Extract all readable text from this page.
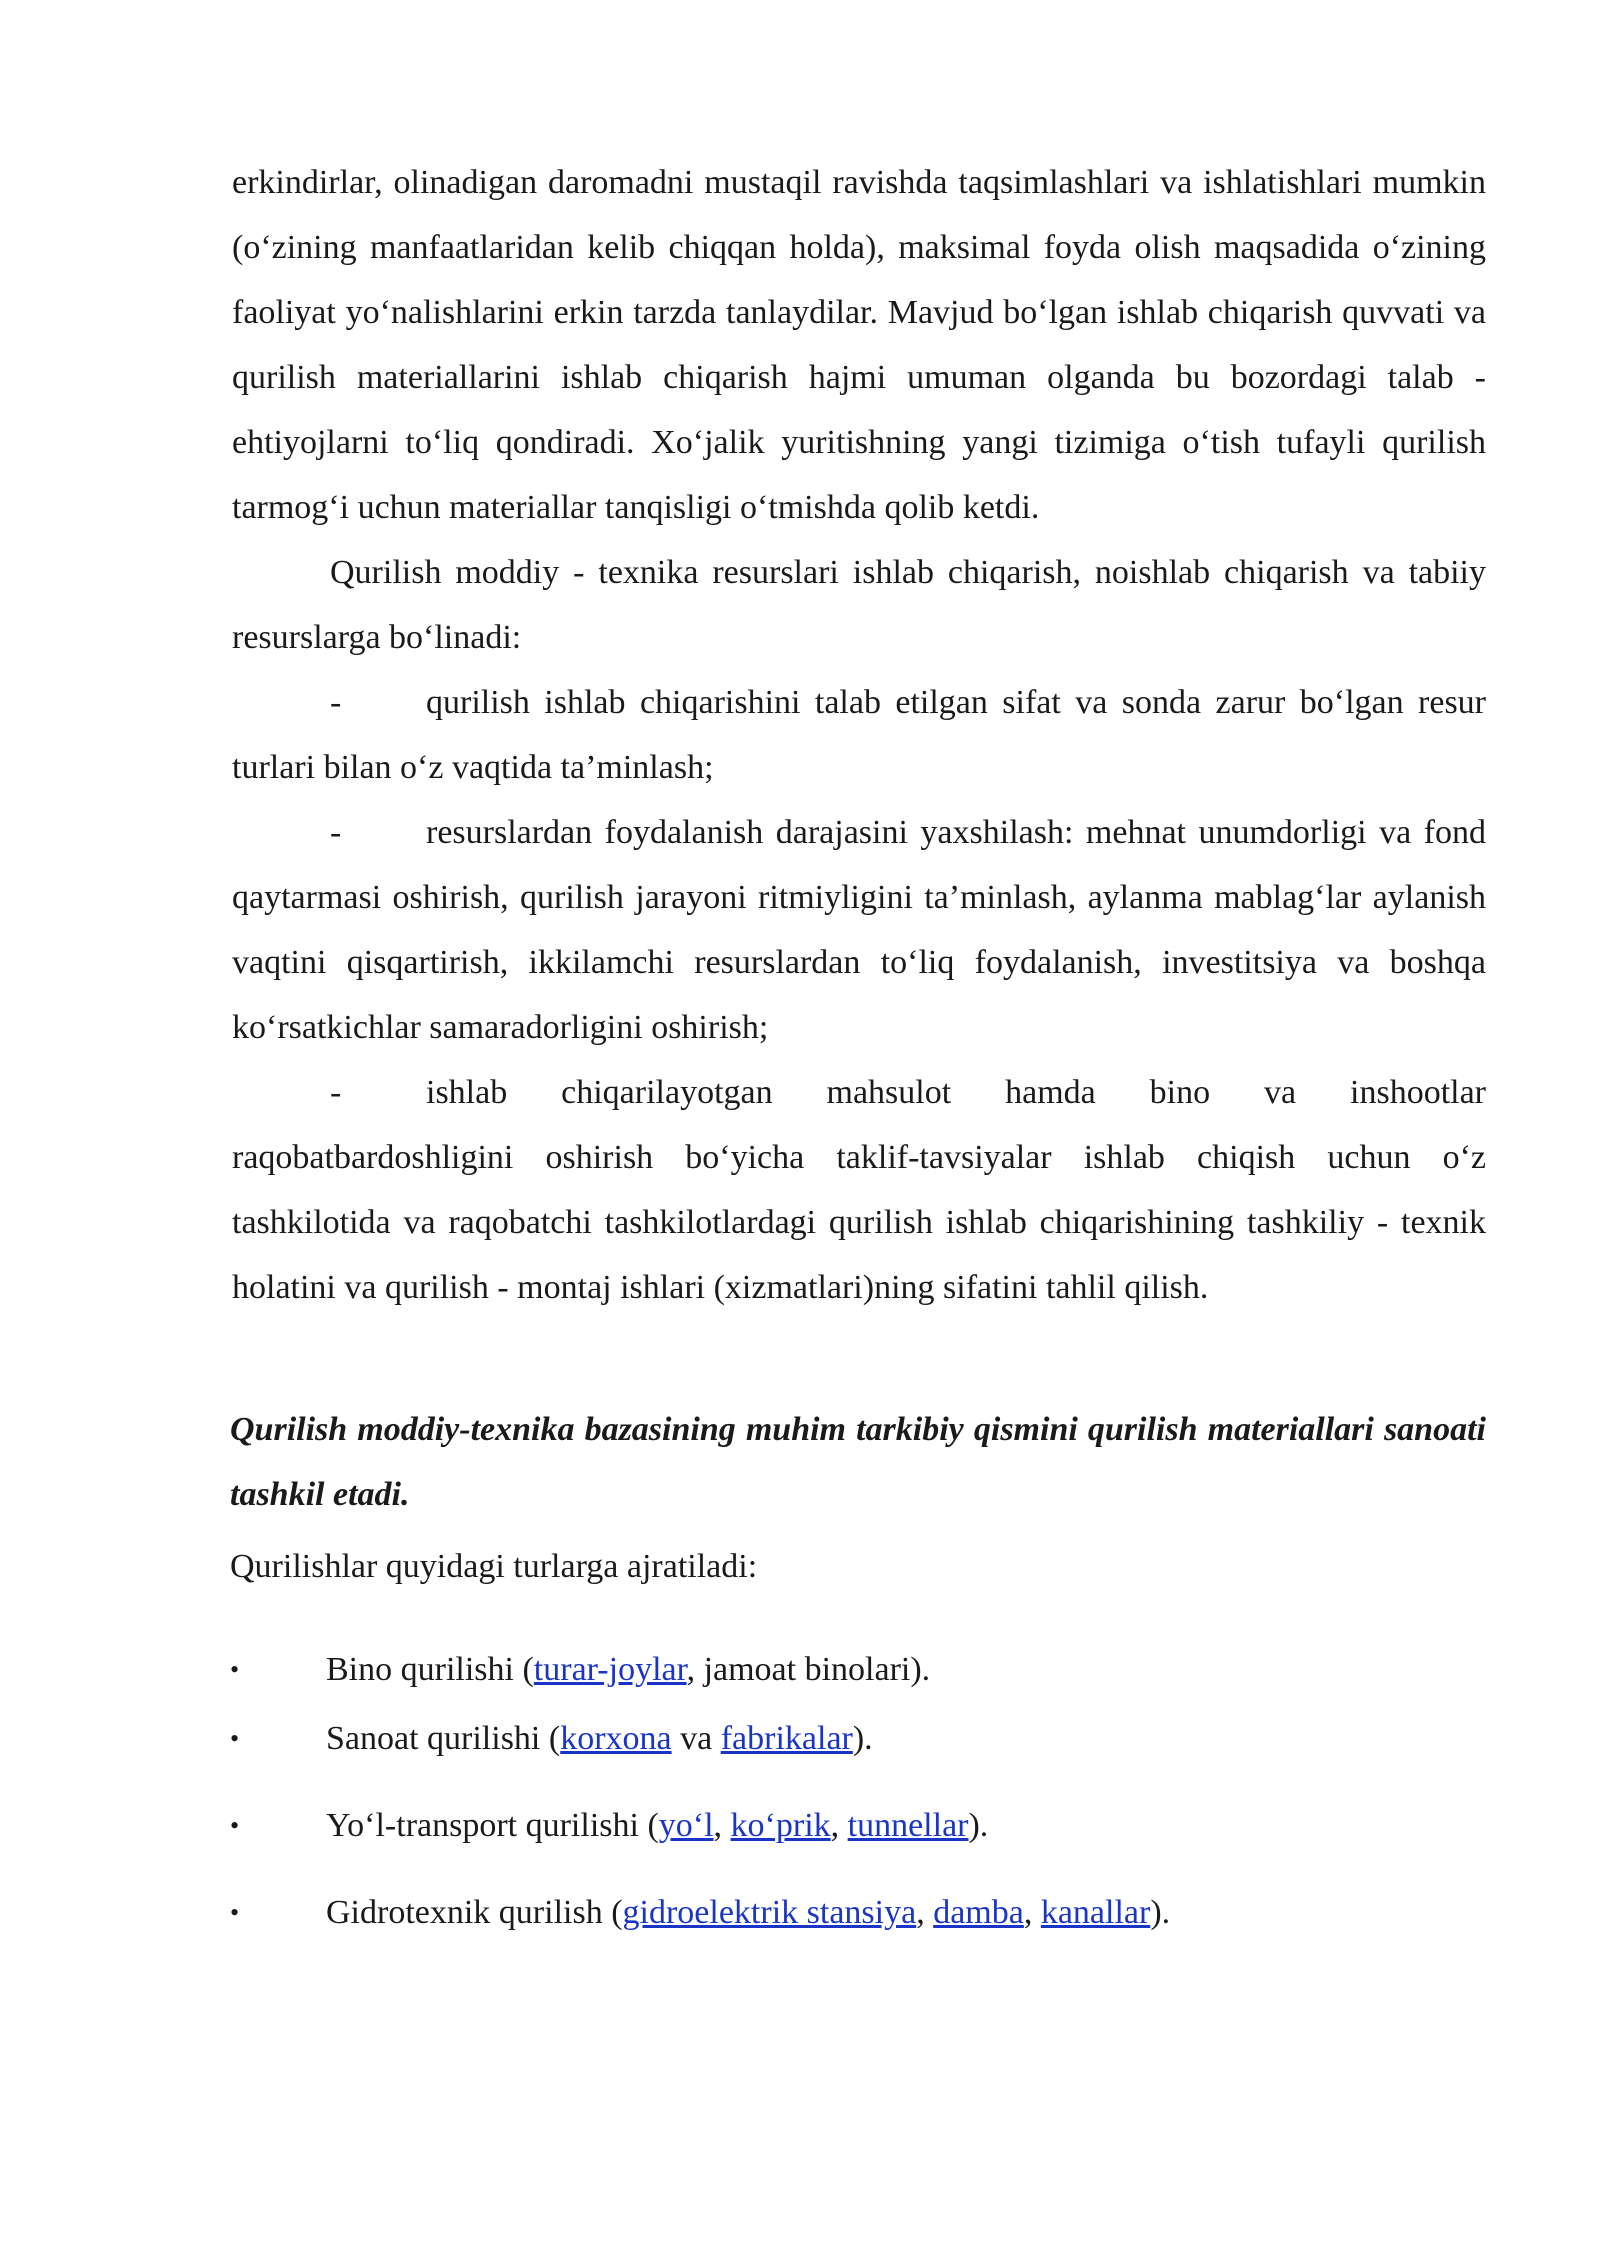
erkindirlar, olinadigan daromadni mustaqil ravishda taqsimlashlari va ishlatishlari mumkin (o‘zining manfaatlaridan kelib chiqqan holda), maksimal foyda olish maqsadida o‘zining faoliyat yo‘nalishlarini erkin tarzda tanlaydilar. Mavjud bo‘lgan ishlab chiqarish quvvati va qurilish materiallarini ishlab chiqarish hajmi umuman olganda bu bozordagi talab - ehtiyojlarni to‘liq qondiradi. Xo‘jalik yuritishning yangi tizimiga o‘tish tufayli qurilish tarmog‘i uchun materiallar tanqisligi o‘tmishda qolib ketdi.

Qurilish moddiy - texnika resurslari ishlab chiqarish, noishlab chiqarish va tabiiy resurslarga bo‘linadi:

- qurilish ishlab chiqarishini talab etilgan sifat va sonda zarur bo‘lgan resur turlari bilan o‘z vaqtida ta’minlash;

- resurslardan foydalanish darajasini yaxshilash: mehnat unumdorligi va fond qaytarmasi oshirish, qurilish jarayoni ritmiyligini ta’minlash, aylanma mablag‘lar aylanish vaqtini qisqartirish, ikkilamchi resurslardan to‘liq foydalanish, investitsiya va boshqa ko‘rsatkichlar samaradorligini oshirish;

- ishlab chiqarilayotgan mahsulot hamda bino va inshootlar raqobatbardoshligini oshirish bo‘yicha taklif-tavsiyalar ishlab chiqish uchun o‘z tashkilotida va raqobatchi tashkilotlardagi qurilish ishlab chiqarishining tashkiliy - texnik holatini va qurilish - montaj ishlari (xizmatlari)ning sifatini tahlil qilish.

Qurilish moddiy-texnika bazasining muhim tarkibiy qismini qurilish materiallari sanoati tashkil etadi.

Qurilishlar quyidagi turlarga ajratiladi:

•	Bino qurilishi (turar-joylar, jamoat binolari).
•	Sanoat qurilishi (korxona va fabrikalar).
•	Yo‘l-transport qurilishi (yo‘l, ko‘prik, tunnellar).
•	Gidrotexnik qurilish (gidroelektrik stansiya, damba, kanallar).
